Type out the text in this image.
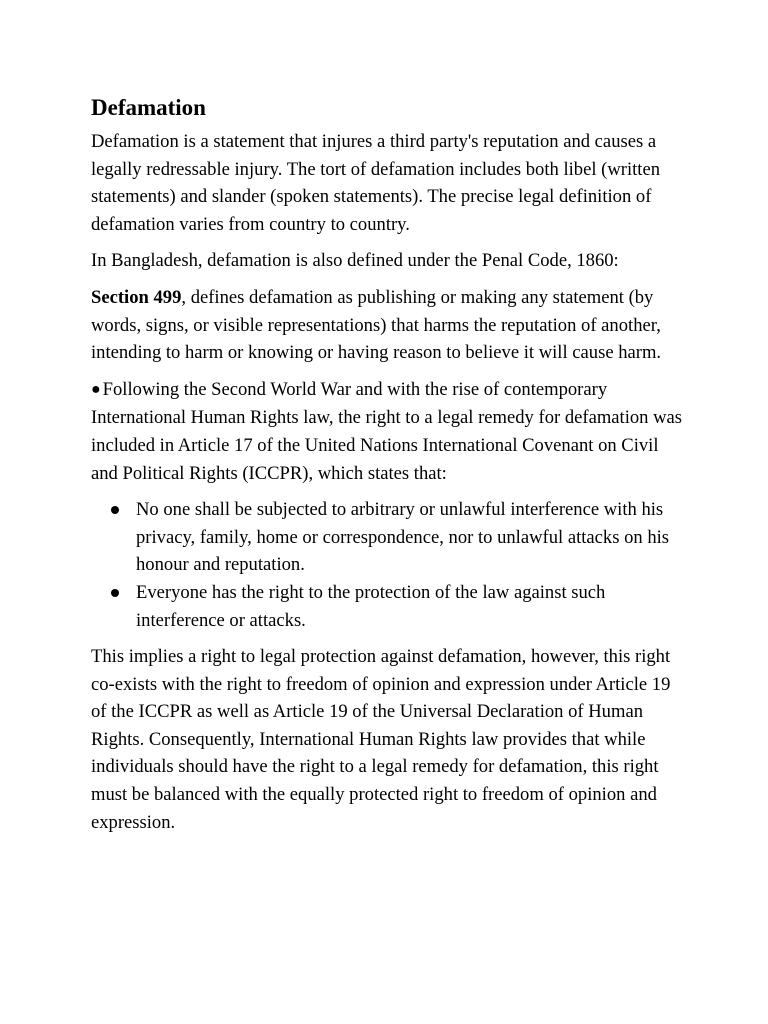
Defamation

Defamation is a statement that injures a third party's reputation and causes a legally redressable injury. The tort of defamation includes both libel (written statements) and slander (spoken statements). The precise legal definition of defamation varies from country to country.

In Bangladesh, defamation is also defined under the Penal Code, 1860:

Section 499, defines defamation as publishing or making any statement (by words, signs, or visible representations) that harms the reputation of another, intending to harm or knowing or having reason to believe it will cause harm.

● Following the Second World War and with the rise of contemporary International Human Rights law, the right to a legal remedy for defamation was included in Article 17 of the United Nations International Covenant on Civil and Political Rights (ICCPR), which states that:

No one shall be subjected to arbitrary or unlawful interference with his privacy, family, home or correspondence, nor to unlawful attacks on his honour and reputation.
Everyone has the right to the protection of the law against such interference or attacks.

This implies a right to legal protection against defamation, however, this right co-exists with the right to freedom of opinion and expression under Article 19 of the ICCPR as well as Article 19 of the Universal Declaration of Human Rights. Consequently, International Human Rights law provides that while individuals should have the right to a legal remedy for defamation, this right must be balanced with the equally protected right to freedom of opinion and expression.
